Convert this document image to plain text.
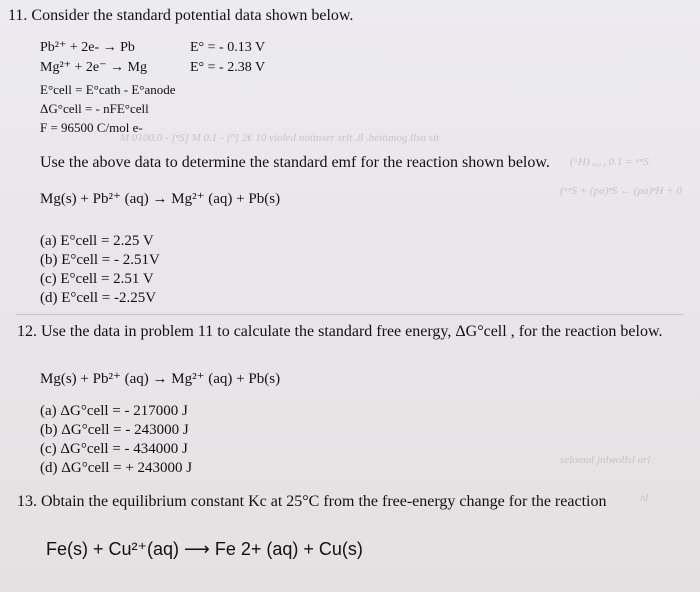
M 0100.0 - [ⁿS] M 0.1 - [ᴴ] 2€ 10 violed noitnser srlt .8 .beitimog llsa sit
(ᵃH) ₐ₀.₁ 0.1 = ᵃⁿS
(ᵃⁿS + (pa)ⁿS ← (pa)ⁿH + 0
selomol jnlwollsl orl
nl
11. Consider the standard potential data shown below.
Pb²⁺ + 2e- → Pb	E° = - 0.13 V
Mg²⁺ + 2e⁻ → Mg	E° = - 2.38 V
E°cell = E°cath - E°anode
ΔG°cell = - nFE°cell
F = 96500 C/mol e-
Use the above data to determine the standard emf for the reaction shown below.
Mg(s) + Pb²⁺ (aq) → Mg²⁺ (aq) + Pb(s)
(a) E°cell = 2.25 V
(b) E°cell = - 2.51V
(c) E°cell = 2.51 V
(d) E°cell = -2.25V
12. Use the data in problem 11 to calculate the standard free energy, ΔG°cell , for the reaction below.
Mg(s) + Pb²⁺ (aq) → Mg²⁺ (aq) + Pb(s)
(a) ΔG°cell = - 217000 J
(b) ΔG°cell = - 243000 J
(c) ΔG°cell = - 434000 J
(d) ΔG°cell = + 243000 J
13. Obtain the equilibrium constant Kc at 25°C from the free-energy change for the reaction
Fe(s) + Cu²⁺(aq) ⟶ Fe 2+ (aq) + Cu(s)
